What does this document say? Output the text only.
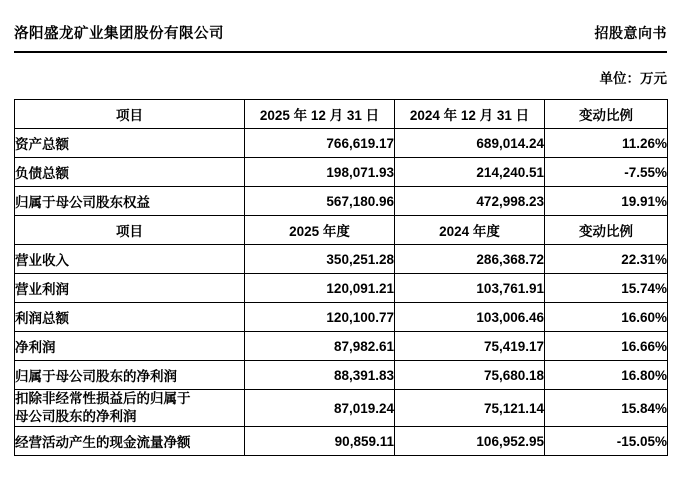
洛阳盛龙矿业集团股份有限公司	招股意向书
单位：万元
项目	2025 年 12 月 31 日	2024 年 12 月 31 日	变动比例
资产总额	766,619.17	689,014.24	11.26%
负债总额	198,071.93	214,240.51	-7.55%
归属于母公司股东权益	567,180.96	472,998.23	19.91%
项目	2025 年度	2024 年度	变动比例
营业收入	350,251.28	286,368.72	22.31%
营业利润	120,091.21	103,761.91	15.74%
利润总额	120,100.77	103,006.46	16.60%
净利润	87,982.61	75,419.17	16.66%
归属于母公司股东的净利润	88,391.83	75,680.18	16.80%

扣除非经常性损益后的归属于
母公司股东的净利润	87,019.24	75,121.14	15.84%
经营活动产生的现金流量净额	90,859.11	106,952.95	-15.05%
